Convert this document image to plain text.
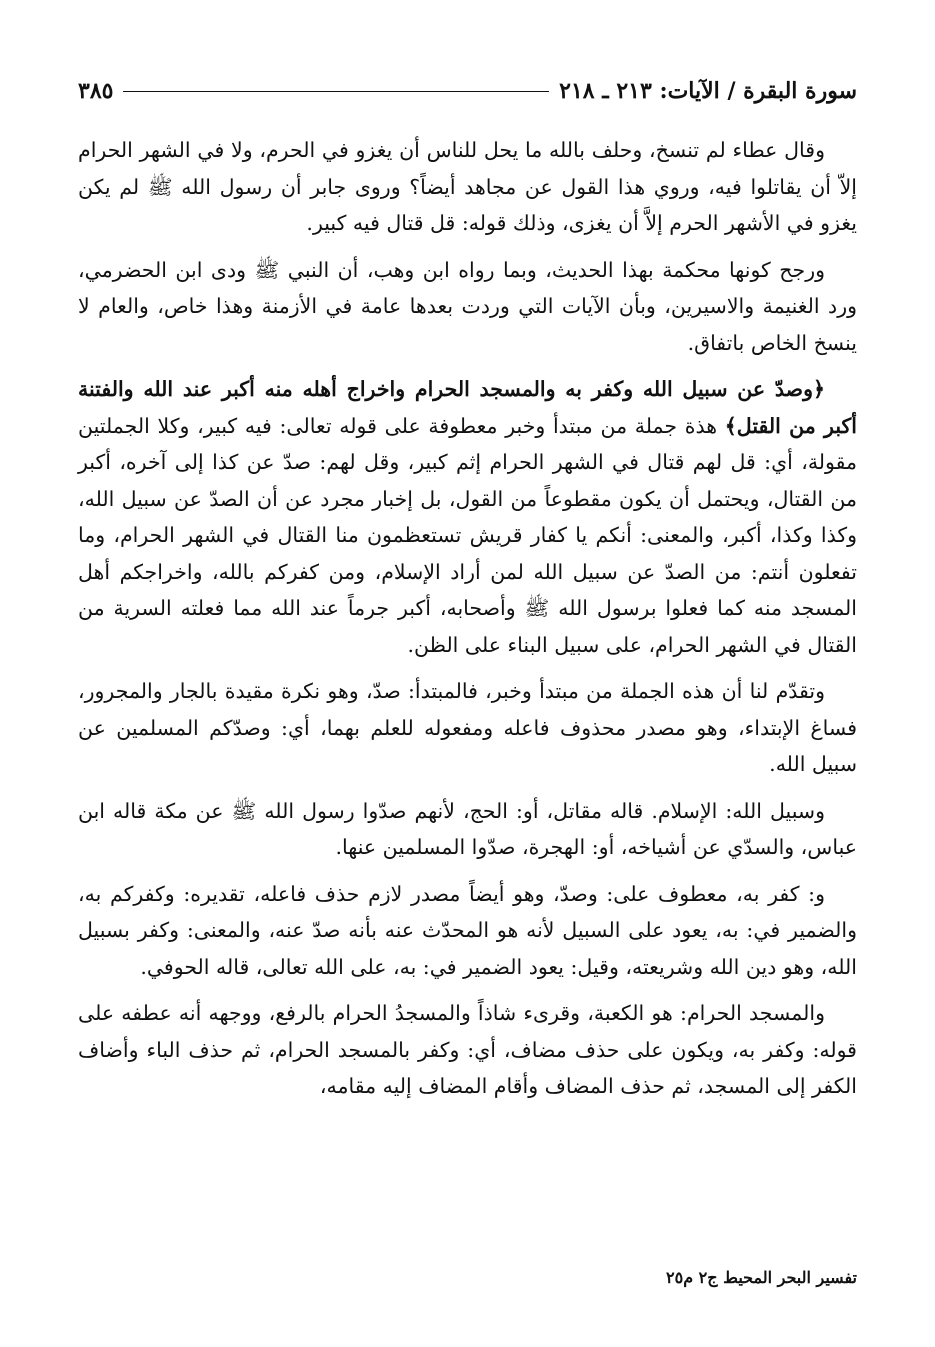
سورة البقرة / الآيات: ٢١٣ ـ ٢١٨
٣٨٥

وقال عطاء لم تنسخ، وحلف بالله ما يحل للناس أن يغزو في الحرم، ولا في الشهر الحرام إلاّ أن يقاتلوا فيه، وروي هذا القول عن مجاهد أيضاً؟ وروى جابر أن رسول الله ﷺ لم يكن يغزو في الأشهر الحرم إلاَّ أن يغزى، وذلك قوله: قل قتال فيه كبير.

ورجح كونها محكمة بهذا الحديث، وبما رواه ابن وهب، أن النبي ﷺ ودى ابن الحضرمي، ورد الغنيمة والاسيرين، وبأن الآيات التي وردت بعدها عامة في الأزمنة وهذا خاص، والعام لا ينسخ الخاص باتفاق.

﴿وصدّ عن سبيل الله وكفر به والمسجد الحرام واخراج أهله منه أكبر عند الله والفتنة أكبر من القتل﴾ هذة جملة من مبتدأ وخبر معطوفة على قوله تعالى: فيه كبير، وكلا الجملتين مقولة، أي: قل لهم قتال في الشهر الحرام إثم كبير، وقل لهم: صدّ عن كذا إلى آخره، أكبر من القتال، ويحتمل أن يكون مقطوعاً من القول، بل إخبار مجرد عن أن الصدّ عن سبيل الله، وكذا وكذا، أكبر، والمعنى: أنكم يا كفار قريش تستعظمون منا القتال في الشهر الحرام، وما تفعلون أنتم: من الصدّ عن سبيل الله لمن أراد الإسلام، ومن كفركم بالله، واخراجكم أهل المسجد منه كما فعلوا برسول الله ﷺ وأصحابه، أكبر جرماً عند الله مما فعلته السرية من القتال في الشهر الحرام، على سبيل البناء على الظن.

وتقدّم لنا أن هذه الجملة من مبتدأ وخبر، فالمبتدأ: صدّ، وهو نكرة مقيدة بالجار والمجرور، فساغ الإبتداء، وهو مصدر محذوف فاعله ومفعوله للعلم بهما، أي: وصدّكم المسلمين عن سبيل الله.

وسبيل الله: الإسلام. قاله مقاتل، أو: الحج، لأنهم صدّوا رسول الله ﷺ عن مكة قاله ابن عباس، والسدّي عن أشياخه، أو: الهجرة، صدّوا المسلمين عنها.

و: كفر به، معطوف على: وصدّ، وهو أيضاً مصدر لازم حذف فاعله، تقديره: وكفركم به، والضمير في: به، يعود على السبيل لأنه هو المحدّث عنه بأنه صدّ عنه، والمعنى: وكفر بسبيل الله، وهو دين الله وشريعته، وقيل: يعود الضمير في: به، على الله تعالى، قاله الحوفي.

والمسجد الحرام: هو الكعبة، وقرىء شاذاً والمسجدُ الحرام بالرفع، ووجهه أنه عطفه على قوله: وكفر به، ويكون على حذف مضاف، أي: وكفر بالمسجد الحرام، ثم حذف الباء وأضاف الكفر إلى المسجد، ثم حذف المضاف وأقام المضاف إليه مقامه،

تفسير البحر المحيط ج٢ م٢٥
